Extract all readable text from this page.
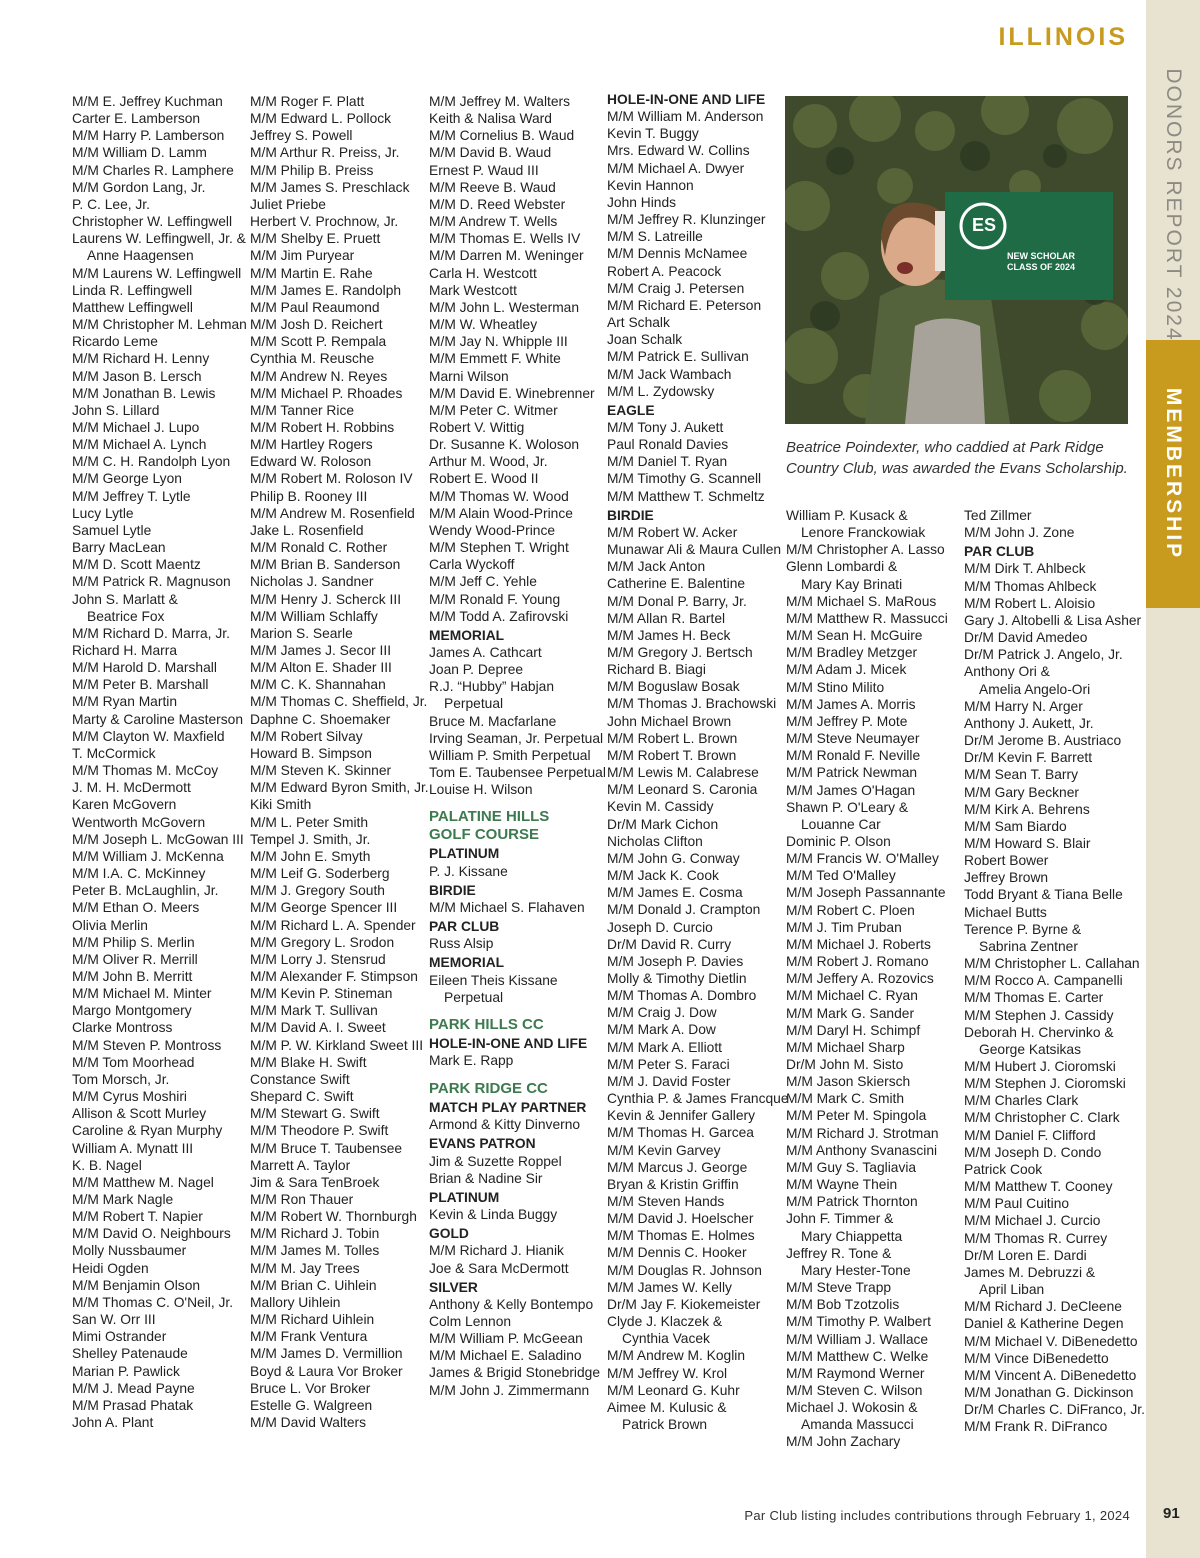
DONORS REPORT 2024
MEMBERSHIP
ILLINOIS
M/M E. Jeffrey Kuchman
Carter E. Lamberson
M/M Harry P. Lamberson
M/M William D. Lamm
M/M Charles R. Lamphere
M/M Gordon Lang, Jr.
P. C. Lee, Jr.
Christopher W. Leffingwell
Laurens W. Leffingwell, Jr. &
Anne Haagensen
M/M Laurens W. Leffingwell
Linda R. Leffingwell
Matthew Leffingwell
M/M Christopher M. Lehman
Ricardo Leme
M/M Richard H. Lenny
M/M Jason B. Lersch
M/M Jonathan B. Lewis
John S. Lillard
M/M Michael J. Lupo
M/M Michael A. Lynch
M/M C. H. Randolph Lyon
M/M George Lyon
M/M Jeffrey T. Lytle
Lucy Lytle
Samuel Lytle
Barry MacLean
M/M D. Scott Maentz
M/M Patrick R. Magnuson
John S. Marlatt &
Beatrice Fox
M/M Richard D. Marra, Jr.
Richard H. Marra
M/M Harold D. Marshall
M/M Peter B. Marshall
M/M Ryan Martin
Marty & Caroline Masterson
M/M Clayton W. Maxfield
T. McCormick
M/M Thomas M. McCoy
J. M. H. McDermott
Karen McGovern
Wentworth McGovern
M/M Joseph L. McGowan III
M/M William J. McKenna
M/M I.A. C. McKinney
Peter B. McLaughlin, Jr.
M/M Ethan O. Meers
Olivia Merlin
M/M Philip S. Merlin
M/M Oliver R. Merrill
M/M John B. Merritt
M/M Michael M. Minter
Margo Montgomery
Clarke Montross
M/M Steven P. Montross
M/M Tom Moorhead
Tom Morsch, Jr.
M/M Cyrus Moshiri
Allison & Scott Murley
Caroline & Ryan Murphy
William A. Mynatt III
K. B. Nagel
M/M Matthew M. Nagel
M/M Mark Nagle
M/M Robert T. Napier
M/M David O. Neighbours
Molly Nussbaumer
Heidi Ogden
M/M Benjamin Olson
M/M Thomas C. O'Neil, Jr.
San W. Orr III
Mimi Ostrander
Shelley Patenaude
Marian P. Pawlick
M/M J. Mead Payne
M/M Prasad Phatak
John A. Plant
M/M Roger F. Platt
M/M Edward L. Pollock
Jeffrey S. Powell
M/M Arthur R. Preiss, Jr.
M/M Philip B. Preiss
M/M James S. Preschlack
Juliet Priebe
Herbert V. Prochnow, Jr.
M/M Shelby E. Pruett
M/M Jim Puryear
M/M Martin E. Rahe
M/M James E. Randolph
M/M Paul Reaumond
M/M Josh D. Reichert
M/M Scott P. Rempala
Cynthia M. Reusche
M/M Andrew N. Reyes
M/M Michael P. Rhoades
M/M Tanner Rice
M/M Robert H. Robbins
M/M Hartley Rogers
Edward W. Roloson
M/M Robert M. Roloson IV
Philip B. Rooney III
M/M Andrew M. Rosenfield
Jake L. Rosenfield
M/M Ronald C. Rother
M/M Brian B. Sanderson
Nicholas J. Sandner
M/M Henry J. Scherck III
M/M William Schlaffy
Marion S. Searle
M/M James J. Secor III
M/M Alton E. Shader III
M/M C. K. Shannahan
M/M Thomas C. Sheffield, Jr.
Daphne C. Shoemaker
M/M Robert Silvay
Howard B. Simpson
M/M Steven K. Skinner
M/M Edward Byron Smith, Jr.
Kiki Smith
M/M L. Peter Smith
Tempel J. Smith, Jr.
M/M John E. Smyth
M/M Leif G. Soderberg
M/M J. Gregory South
M/M George Spencer III
M/M Richard L. A. Spender
M/M Gregory L. Srodon
M/M Lorry J. Stensrud
M/M Alexander F. Stimpson
M/M Kevin P. Stineman
M/M Mark T. Sullivan
M/M David A. I. Sweet
M/M P. W. Kirkland Sweet III
M/M Blake H. Swift
Constance Swift
Shepard C. Swift
M/M Stewart G. Swift
M/M Theodore P. Swift
M/M Bruce T. Taubensee
Marrett A. Taylor
Jim & Sara TenBroek
M/M Ron Thauer
M/M Robert W. Thornburgh
M/M Richard J. Tobin
M/M James M. Tolles
M/M M. Jay Trees
M/M Brian C. Uihlein
Mallory Uihlein
M/M Richard Uihlein
M/M Frank Ventura
M/M James D. Vermillion
Boyd & Laura Vor Broker
Bruce L. Vor Broker
Estelle G. Walgreen
M/M David Walters
M/M Jeffrey M. Walters
Keith & Nalisa Ward
M/M Cornelius B. Waud
M/M David B. Waud
Ernest P. Waud III
M/M Reeve B. Waud
M/M D. Reed Webster
M/M Andrew T. Wells
M/M Thomas E. Wells IV
M/M Darren M. Weninger
Carla H. Westcott
Mark Westcott
M/M John L. Westerman
M/M W. Wheatley
M/M Jay N. Whipple III
M/M Emmett F. White
Marni Wilson
M/M David E. Winebrenner
M/M Peter C. Witmer
Robert V. Wittig
Dr. Susanne K. Woloson
Arthur M. Wood, Jr.
Robert E. Wood II
M/M Thomas W. Wood
M/M Alain Wood-Prince
Wendy Wood-Prince
M/M Stephen T. Wright
Carla Wyckoff
M/M Jeff C. Yehle
M/M Ronald F. Young
M/M Todd A. Zafirovski
MEMORIAL
James A. Cathcart
Joan P. Depree
R.J. “Hubby” Habjan
Perpetual
Bruce M. Macfarlane
Irving Seaman, Jr. Perpetual
William P. Smith Perpetual
Tom E. Taubensee Perpetual
Louise H. Wilson
PALATINE HILLS
GOLF COURSE
PLATINUM
P. J. Kissane
BIRDIE
M/M Michael S. Flahaven
PAR CLUB
Russ Alsip
MEMORIAL
Eileen Theis Kissane
Perpetual
PARK HILLS CC
HOLE-IN-ONE AND LIFE
Mark E. Rapp
PARK RIDGE CC
MATCH PLAY PARTNER
Armond & Kitty Dinverno
EVANS PATRON
Jim & Suzette Roppel
Brian & Nadine Sir
PLATINUM
Kevin & Linda Buggy
GOLD
M/M Richard J. Hianik
Joe & Sara McDermott
SILVER
Anthony & Kelly Bontempo
Colm Lennon
M/M William P. McGeean
M/M Michael E. Saladino
James & Brigid Stonebridge
M/M John J. Zimmermann
HOLE-IN-ONE AND LIFE
M/M William M. Anderson
Kevin T. Buggy
Mrs. Edward W. Collins
M/M Michael A. Dwyer
Kevin Hannon
John Hinds
M/M Jeffrey R. Klunzinger
M/M S. Latreille
M/M Dennis McNamee
Robert A. Peacock
M/M Craig J. Petersen
M/M Richard E. Peterson
Art Schalk
Joan Schalk
M/M Patrick E. Sullivan
M/M Jack Wambach
M/M L. Zydowsky
EAGLE
M/M Tony J. Aukett
Paul Ronald Davies
M/M Daniel T. Ryan
M/M Timothy G. Scannell
M/M Matthew T. Schmeltz
BIRDIE
M/M Robert W. Acker
Munawar Ali & Maura Cullen
M/M Jack Anton
Catherine E. Balentine
M/M Donal P. Barry, Jr.
M/M Allan R. Bartel
M/M James H. Beck
M/M Gregory J. Bertsch
Richard B. Biagi
M/M Boguslaw Bosak
M/M Thomas J. Brachowski
John Michael Brown
M/M Robert L. Brown
M/M Robert T. Brown
M/M Lewis M. Calabrese
M/M Leonard S. Caronia
Kevin M. Cassidy
Dr/M Mark Cichon
Nicholas Clifton
M/M John G. Conway
M/M Jack K. Cook
M/M James E. Cosma
M/M Donald J. Crampton
Joseph D. Curcio
Dr/M David R. Curry
M/M Joseph P. Davies
Molly & Timothy Dietlin
M/M Thomas A. Dombro
M/M Craig J. Dow
M/M Mark A. Dow
M/M Mark A. Elliott
M/M Peter S. Faraci
M/M J. David Foster
Cynthia P. & James Francque
Kevin & Jennifer Gallery
M/M Thomas H. Garcea
M/M Kevin Garvey
M/M Marcus J. George
Bryan & Kristin Griffin
M/M Steven Hands
M/M David J. Hoelscher
M/M Thomas E. Holmes
M/M Dennis C. Hooker
M/M Douglas R. Johnson
M/M James W. Kelly
Dr/M Jay F. Kiokemeister
Clyde J. Klaczek &
Cynthia Vacek
M/M Andrew M. Koglin
M/M Jeffrey W. Krol
M/M Leonard G. Kuhr
Aimee M. Kulusic &
Patrick Brown
William P. Kusack &
Lenore Franckowiak
M/M Christopher A. Lasso
Glenn Lombardi &
Mary Kay Brinati
M/M Michael S. MaRous
M/M Matthew R. Massucci
M/M Sean H. McGuire
M/M Bradley Metzger
M/M Adam J. Micek
M/M Stino Milito
M/M James A. Morris
M/M Jeffrey P. Mote
M/M Steve Neumayer
M/M Ronald F. Neville
M/M Patrick Newman
M/M James O'Hagan
Shawn P. O'Leary &
Louanne Car
Dominic P. Olson
M/M Francis W. O'Malley
M/M Ted O'Malley
M/M Joseph Passannante
M/M Robert C. Ploen
M/M J. Tim Pruban
M/M Michael J. Roberts
M/M Robert J. Romano
M/M Jeffery A. Rozovics
M/M Michael C. Ryan
M/M Mark G. Sander
M/M Daryl H. Schimpf
M/M Michael Sharp
Dr/M John M. Sisto
M/M Jason Skiersch
M/M Mark C. Smith
M/M Peter M. Spingola
M/M Richard J. Strotman
M/M Anthony Svanascini
M/M Guy S. Tagliavia
M/M Wayne Thein
M/M Patrick Thornton
John F. Timmer &
Mary Chiappetta
Jeffrey R. Tone &
Mary Hester-Tone
M/M Steve Trapp
M/M Bob Tzotzolis
M/M Timothy P. Walbert
M/M William J. Wallace
M/M Matthew C. Welke
M/M Raymond Werner
M/M Steven C. Wilson
Michael J. Wokosin &
Amanda Massucci
M/M John Zachary
Ted Zillmer
M/M John J. Zone
PAR CLUB
M/M Dirk T. Ahlbeck
M/M Thomas Ahlbeck
M/M Robert L. Aloisio
Gary J. Altobelli & Lisa Asher
Dr/M David Amedeo
Dr/M Patrick J. Angelo, Jr.
Anthony Ori &
Amelia Angelo-Ori
M/M Harry N. Arger
Anthony J. Aukett, Jr.
Dr/M Jerome B. Austriaco
Dr/M Kevin F. Barrett
M/M Sean T. Barry
M/M Gary Beckner
M/M Kirk A. Behrens
M/M Sam Biardo
M/M Howard S. Blair
Robert Bower
Jeffrey Brown
Todd Bryant & Tiana Belle
Michael Butts
Terence P. Byrne &
Sabrina Zentner
M/M Christopher L. Callahan
M/M Rocco A. Campanelli
M/M Thomas E. Carter
M/M Stephen J. Cassidy
Deborah H. Chervinko &
George Katsikas
M/M Hubert J. Cioromski
M/M Stephen J. Cioromski
M/M Charles Clark
M/M Christopher C. Clark
M/M Daniel F. Clifford
M/M Joseph D. Condo
Patrick Cook
M/M Matthew T. Cooney
M/M Paul Cuitino
M/M Michael J. Curcio
M/M Thomas R. Currey
Dr/M Loren E. Dardi
James M. Debruzzi &
April Liban
M/M Richard J. DeCleene
Daniel & Katherine Degen
M/M Michael V. DiBenedetto
M/M Vince DiBenedetto
M/M Vincent A. DiBenedetto
M/M Jonathan G. Dickinson
Dr/M Charles C. DiFranco, Jr.
M/M Frank R. DiFranco
ES
NEW SCHOLAR
CLASS OF 2024
Beatrice Poindexter, who caddied at Park Ridge Country Club, was awarded the Evans Scholarship.
Par Club listing includes contributions through February 1, 2024 91
